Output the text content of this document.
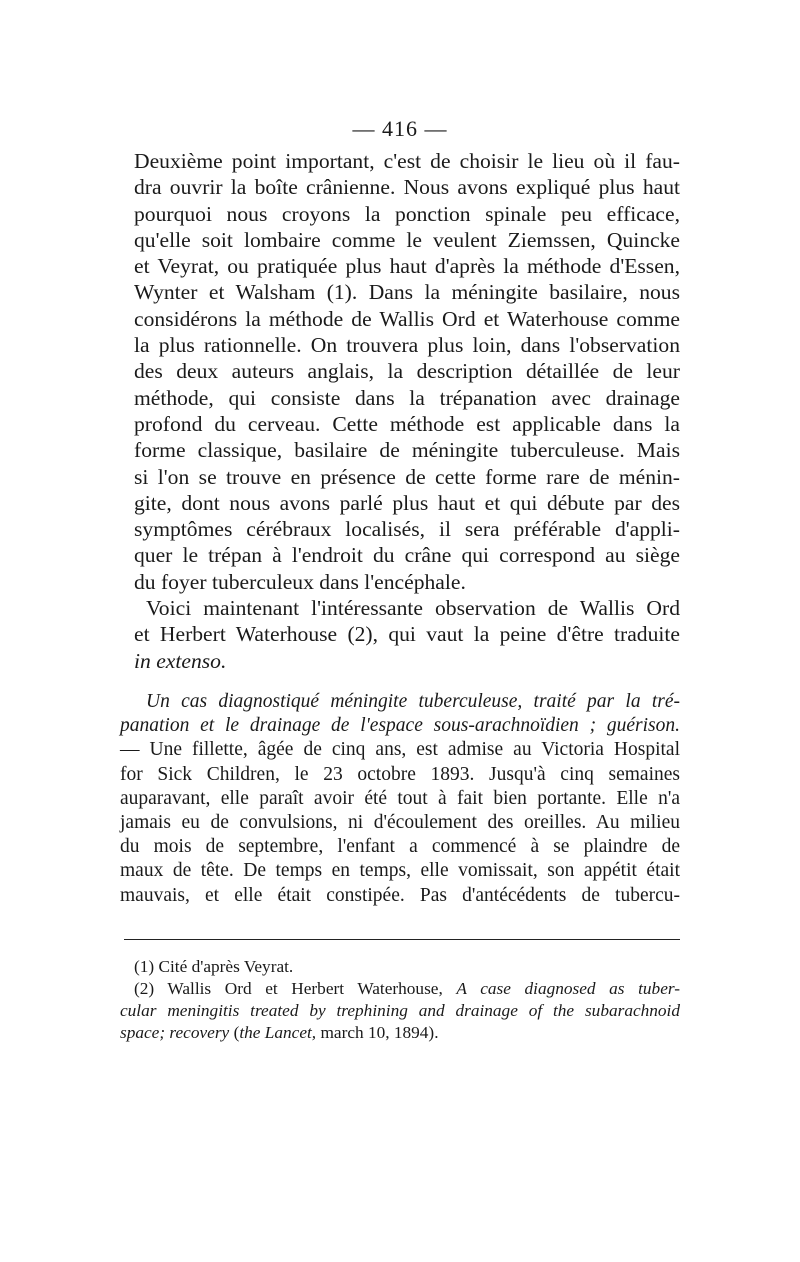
— 416 —
Deuxième point important, c'est de choisir le lieu où il fau-
dra ouvrir la boîte crânienne. Nous avons expliqué plus haut
pourquoi nous croyons la ponction spinale peu efficace,
qu'elle soit lombaire comme le veulent Ziemssen, Quincke
et Veyrat, ou pratiquée plus haut d'après la méthode d'Essen,
Wynter et Walsham (1). Dans la méningite basilaire, nous
considérons la méthode de Wallis Ord et Waterhouse comme
la plus rationnelle. On trouvera plus loin, dans l'observation
des deux auteurs anglais, la description détaillée de leur
méthode, qui consiste dans la trépanation avec drainage
profond du cerveau. Cette méthode est applicable dans la
forme classique, basilaire de méningite tuberculeuse. Mais
si l'on se trouve en présence de cette forme rare de ménin-
gite, dont nous avons parlé plus haut et qui débute par des
symptômes cérébraux localisés, il sera préférable d'appli-
quer le trépan à l'endroit du crâne qui correspond au siège
du foyer tuberculeux dans l'encéphale.
Voici maintenant l'intéressante observation de Wallis Ord
et Herbert Waterhouse (2), qui vaut la peine d'être traduite
in extenso.
Un cas diagnostiqué méningite tuberculeuse, traité par la tré-
panation et le drainage de l'espace sous-arachnoïdien ; guérison.
— Une fillette, âgée de cinq ans, est admise au Victoria Hospital
for Sick Children, le 23 octobre 1893. Jusqu'à cinq semaines
auparavant, elle paraît avoir été tout à fait bien portante. Elle n'a
jamais eu de convulsions, ni d'écoulement des oreilles. Au milieu
du mois de septembre, l'enfant a commencé à se plaindre de
maux de tête. De temps en temps, elle vomissait, son appétit était
mauvais, et elle était constipée. Pas d'antécédents de tubercu-
(1) Cité d'après Veyrat.
(2) Wallis Ord et Herbert Waterhouse, A case diagnosed as tuber-
cular meningitis treated by trephining and drainage of the subarachnoid
space; recovery (the Lancet, march 10, 1894).
